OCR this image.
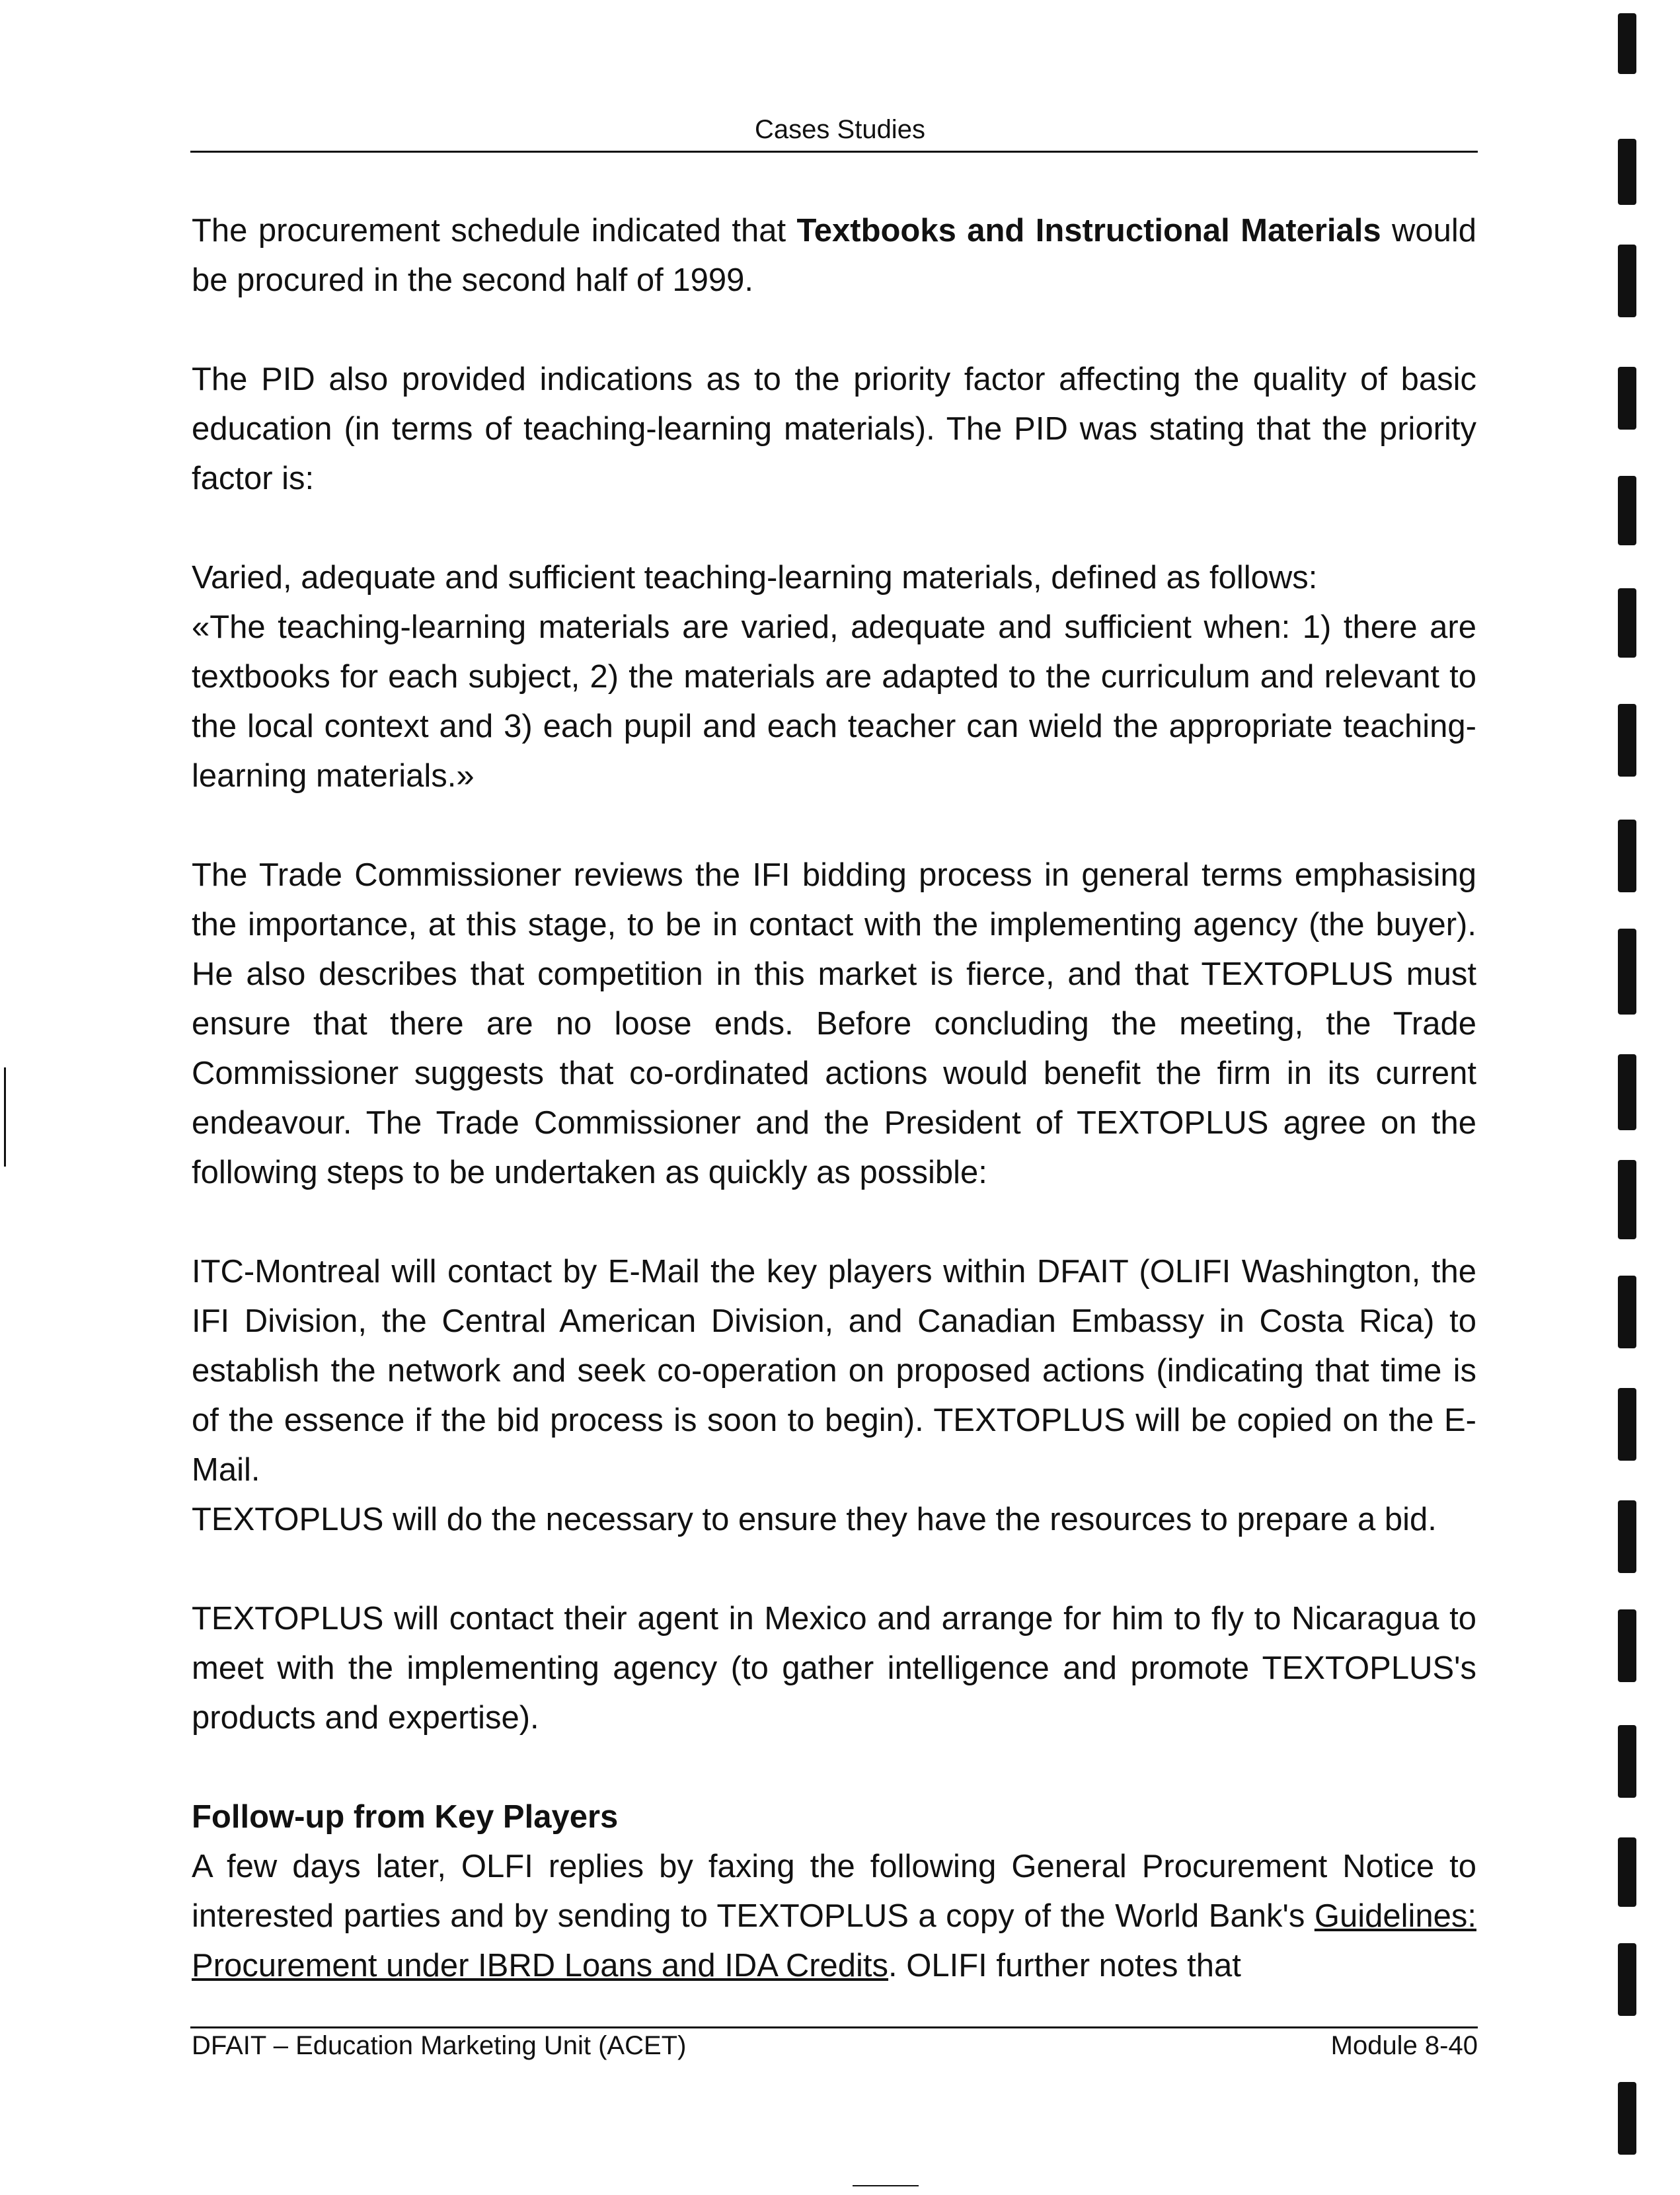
Cases Studies

The procurement schedule indicated that Textbooks and Instructional Materials would be procured in the second half of 1999.

The PID also provided indications as to the priority factor affecting the quality of basic education (in terms of teaching-learning materials). The PID was stating that the priority factor is:

Varied, adequate and sufficient teaching-learning materials, defined as follows:

«The teaching-learning materials are varied, adequate and sufficient when: 1) there are textbooks for each subject, 2) the materials are adapted to the curriculum and relevant to the local context and 3) each pupil and each teacher can wield the appropriate teaching-learning materials.»

The Trade Commissioner reviews the IFI bidding process in general terms emphasising the importance, at this stage, to be in contact with the implementing agency (the buyer). He also describes that competition in this market is fierce, and that TEXTOPLUS must ensure that there are no loose ends. Before concluding the meeting, the Trade Commissioner suggests that co-ordinated actions would benefit the firm in its current endeavour. The Trade Commissioner and the President of TEXTOPLUS agree on the following steps to be undertaken as quickly as possible:

ITC-Montreal will contact by E-Mail the key players within DFAIT (OLIFI Washington, the IFI Division, the Central American Division, and Canadian Embassy in Costa Rica) to establish the network and seek co-operation on proposed actions (indicating that time is of the essence if the bid process is soon to begin). TEXTOPLUS will be copied on the E-Mail.

TEXTOPLUS will do the necessary to ensure they have the resources to prepare a bid.

TEXTOPLUS will contact their agent in Mexico and arrange for him to fly to Nicaragua to meet with the implementing agency (to gather intelligence and promote TEXTOPLUS's products and expertise).

Follow-up from Key Players

A few days later, OLFI replies by faxing the following General Procurement Notice to interested parties and by sending to TEXTOPLUS a copy of the World Bank's Guidelines: Procurement under IBRD Loans and IDA Credits. OLIFI further notes that

DFAIT – Education Marketing Unit (ACET)	Module 8-40
